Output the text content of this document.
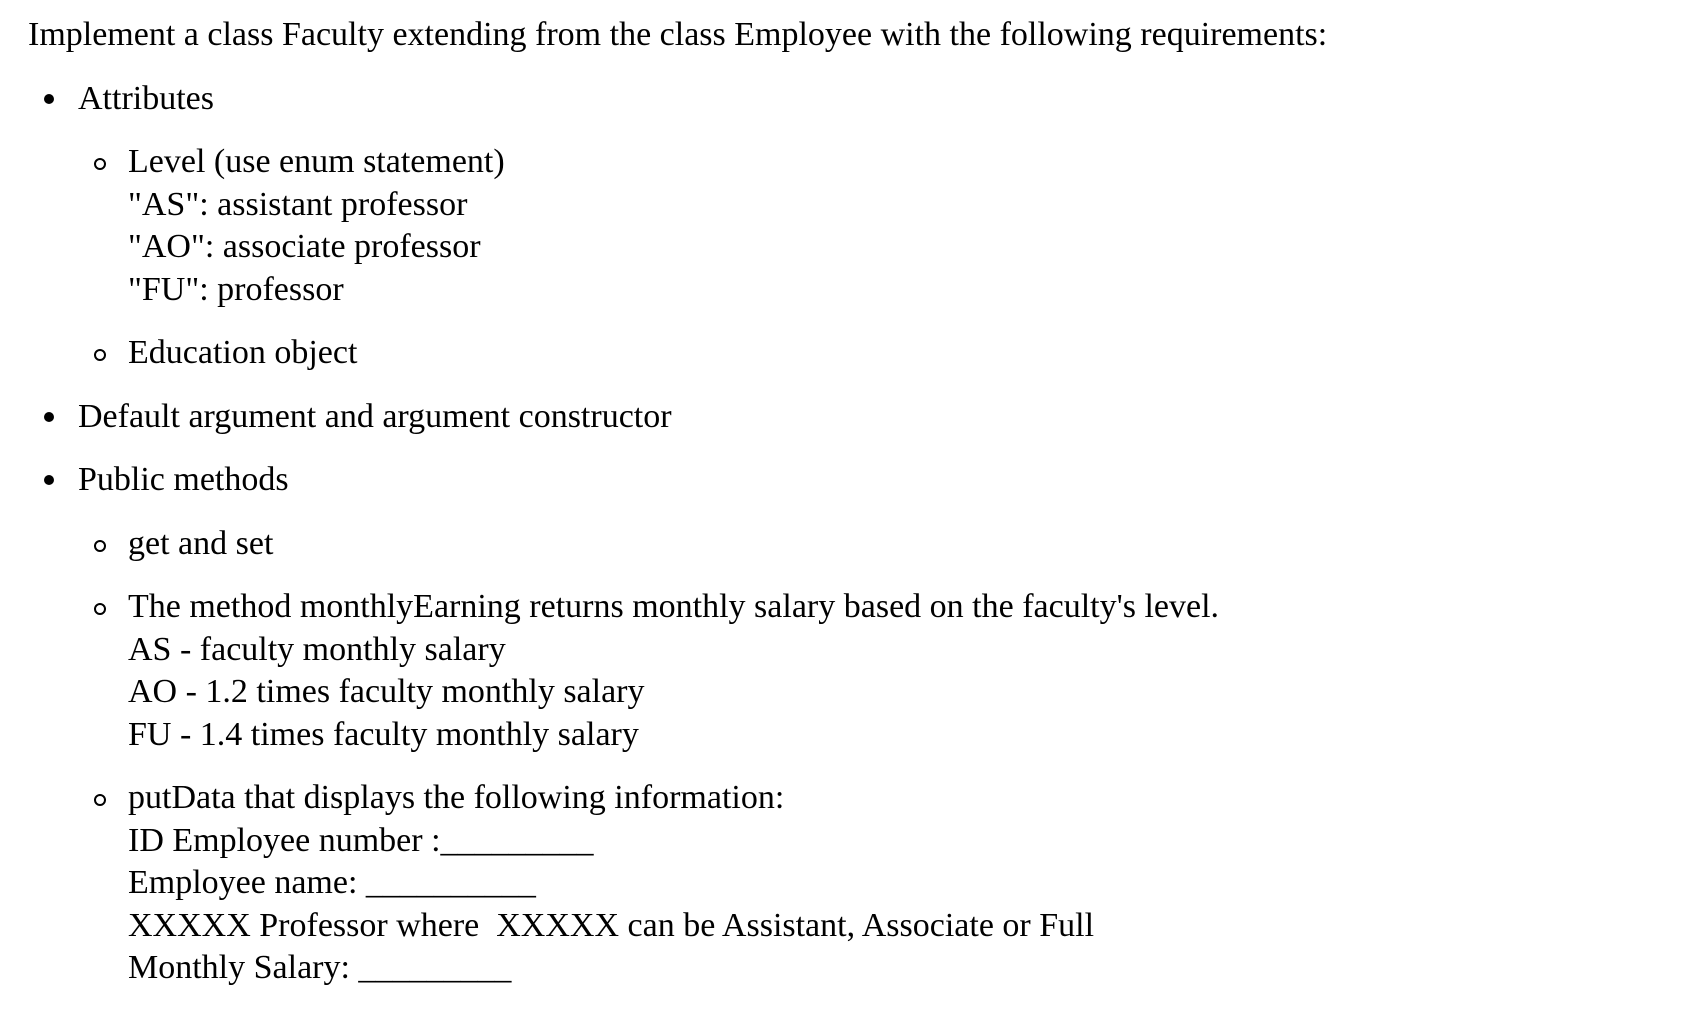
Implement a class Faculty extending from the class Employee with the following requirements:

Attributes
Level (use enum statement)
"AS": assistant professor
"AO": associate professor
"FU": professor
Education object
Default argument and argument constructor
Public methods
get and set
The method monthlyEarning returns monthly salary based on the faculty's level.
AS - faculty monthly salary
AO - 1.2 times faculty monthly salary
FU - 1.4 times faculty monthly salary
putData that displays the following information:
ID Employee number :_________
Employee name: __________
XXXXX Professor where  XXXXX can be Assistant, Associate or Full
Monthly Salary: _________
